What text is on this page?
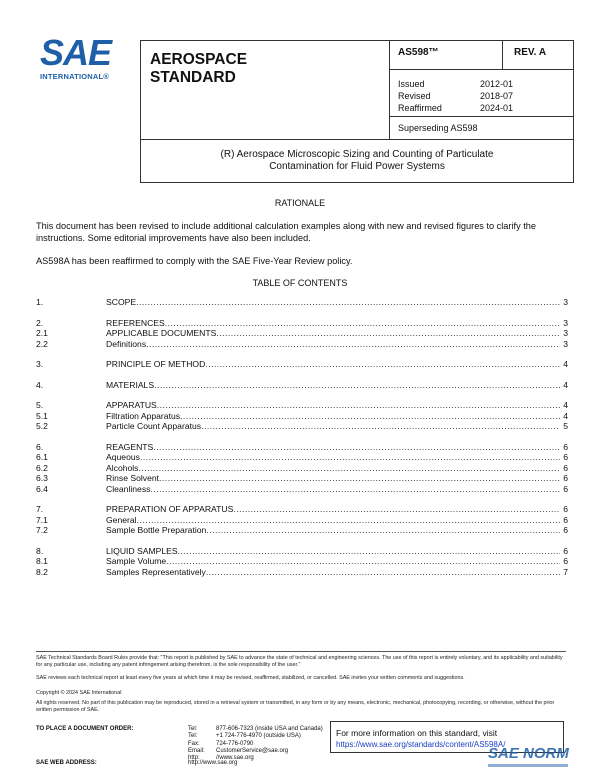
SAE
INTERNATIONAL®
AEROSPACE
STANDARD
AS598™	REV. A
Issued	2012-01
Revised	2018-07
Reaffirmed	2024-01
Superseding AS598
(R) Aerospace Microscopic Sizing and Counting of Particulate
Contamination for Fluid Power Systems
RATIONALE
This document has been revised to include additional calculation examples along with new and revised figures to clarify the instructions. Some editorial improvements have also been included.
AS598A has been reaffirmed to comply with the SAE Five-Year Review policy.
TABLE OF CONTENTS
1.	SCOPE .....	3
2.	REFERENCES .....	3
2.1	APPLICABLE DOCUMENTS .....	3
2.2	Definitions .....	3
3.	PRINCIPLE OF METHOD .....	4
4.	MATERIALS .....	4
5.	APPARATUS .....	4
5.1	Filtration Apparatus .....	4
5.2	Particle Count Apparatus .....	5
6.	REAGENTS .....	6
6.1	Aqueous .....	6
6.2	Alcohols .....	6
6.3	Rinse Solvent .....	6
6.4	Cleanliness .....	6
7.	PREPARATION OF APPARATUS .....	6
7.1	General .....	6
7.2	Sample Bottle Preparation .....	6
8.	LIQUID SAMPLES .....	6
8.1	Sample Volume .....	6
8.2	Samples Representatively .....	7
SAE Technical Standards Board Rules provide that: "This report is published by SAE to advance the state of technical and engineering sciences. The use of this report is entirely voluntary, and its applicability and suitability for any particular use, including any patent infringement arising therefrom, is the sole responsibility of the user."
SAE reviews each technical report at least every five years at which time it may be revised, reaffirmed, stabilized, or cancelled. SAE invites your written comments and suggestions.
Copyright © 2024 SAE International
All rights reserved. No part of this publication may be reproduced, stored in a retrieval system or transmitted, in any form or by any means, electronic, mechanical, photocopying, recording, or otherwise, without the prior written permission of SAE.
TO PLACE A DOCUMENT ORDER:	Tel:	877-606-7323 (inside USA and Canada)
Tel:	+1 724-776-4970 (outside USA)
Fax:	724-776-0790
Email:	CustomerService@sae.org
http:	//www.sae.org
For more information on this standard, visit
https://www.sae.org/standards/content/AS598A/
SAE WEB ADDRESS:
SAE NORM
http://www.sae.org
